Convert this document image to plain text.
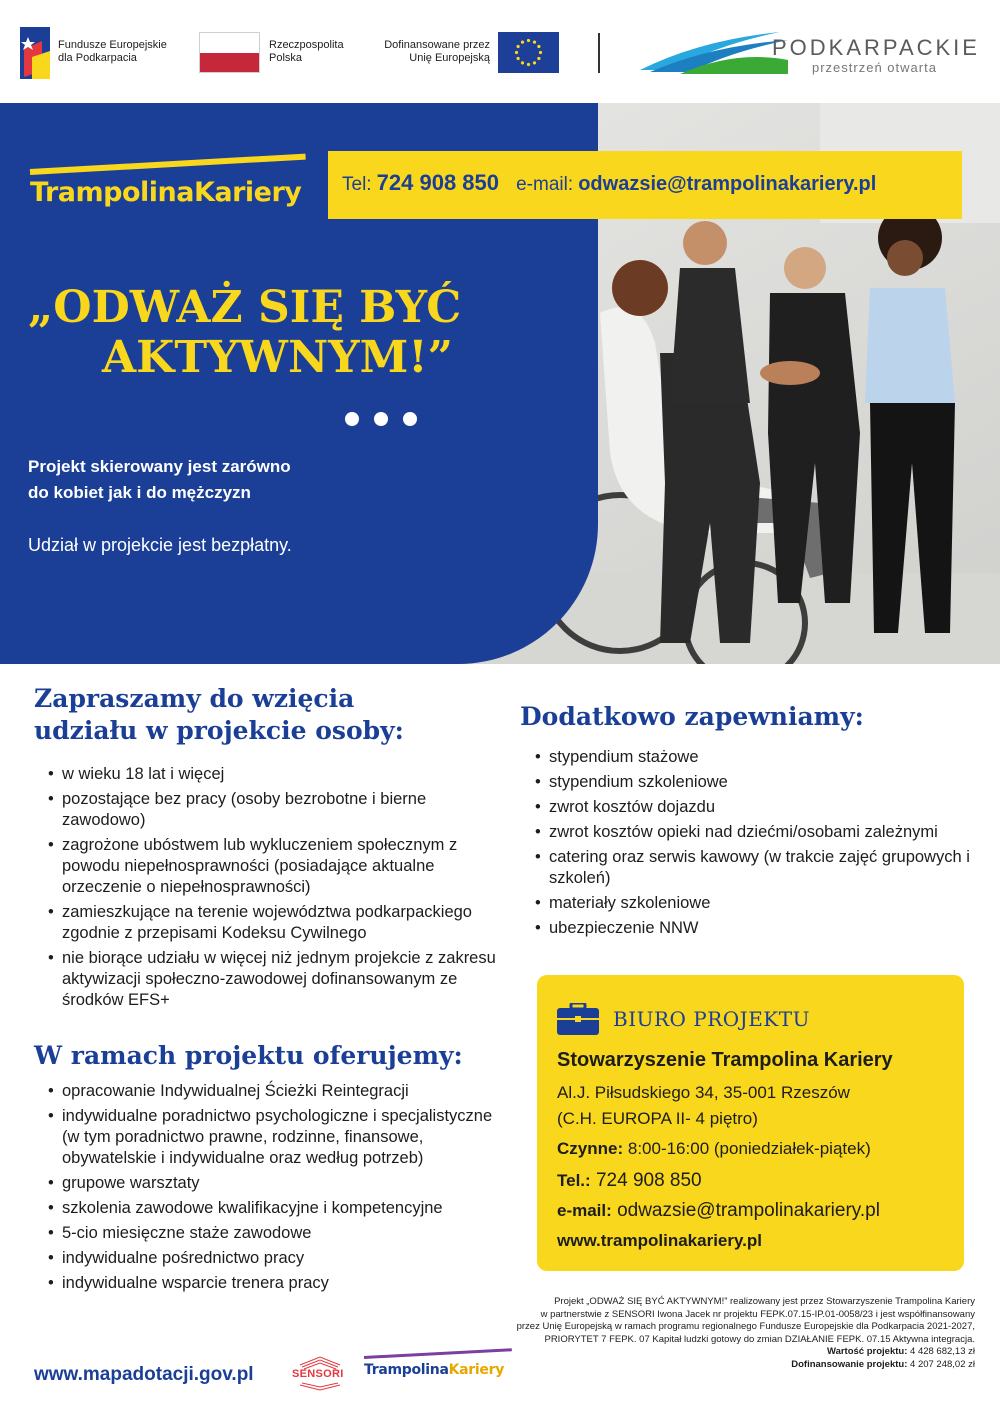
Fundusze Europejskie
dla Podkarpacia
Rzeczpospolita
Polska
Dofinansowane przez
Unię Europejską	PODKARPACKIE
przestrzeń otwarta
TrampolinaKariery	Tel: 724 908 850 e-mail: odwazsie@trampolinakariery.pl
„ODWAŻ SIĘ BYĆ
AKTYWNYM!”
Projekt skierowany jest zarówno
do kobiet jak i do mężczyzn
Udział w projekcie jest bezpłatny.
Zapraszamy do wzięcia
udziału w projekcie osoby:
• w wieku 18 lat i więcej
• pozostające bez pracy (osoby bezrobotne i bierne zawodowo)
• zagrożone ubóstwem lub wykluczeniem społecznym z powodu niepełnosprawności (posiadające aktualne orzeczenie o niepełnosprawności)
• zamieszkujące na terenie województwa podkarpackiego zgodnie z przepisami Kodeksu Cywilnego
• nie biorące udziału w więcej niż jednym projekcie z zakresu aktywizacji społeczno-zawodowej dofinansowanym ze środków EFS+
W ramach projektu oferujemy:
• opracowanie Indywidualnej Ścieżki Reintegracji
• indywidualne poradnictwo psychologiczne i specjalistyczne (w tym poradnictwo prawne, rodzinne, finansowe, obywatelskie i indywidualne oraz według potrzeb)
• grupowe warsztaty
• szkolenia zawodowe kwalifikacyjne i kompetencyjne
• 5-cio miesięczne staże zawodowe
• indywidualne pośrednictwo pracy
• indywidualne wsparcie trenera pracy
Dodatkowo zapewniamy:
• stypendium stażowe
• stypendium szkoleniowe
• zwrot kosztów dojazdu
• zwrot kosztów opieki nad dziećmi/osobami zależnymi
• catering oraz serwis kawowy (w trakcie zajęć grupowych i szkoleń)
• materiały szkoleniowe
• ubezpieczenie NNW
BIURO PROJEKTU
Stowarzyszenie Trampolina Kariery
Al.J. Piłsudskiego 34, 35-001 Rzeszów
(C.H. EUROPA II- 4 piętro)
Czynne: 8:00-16:00 (poniedziałek-piątek)
Tel.: 724 908 850
e-mail: odwazsie@trampolinakariery.pl
www.trampolinakariery.pl
Projekt „ODWAŻ SIĘ BYĆ AKTYWNYM!” realizowany jest przez Stowarzyszenie Trampolina Kariery
w partnerstwie z SENSORI Iwona Jacek nr projektu FEPK.07.15-IP.01-0058/23 i jest współfinansowany
przez Unię Europejską w ramach programu regionalnego Fundusze Europejskie dla Podkarpacia 2021-2027,
PRIORYTET 7 FEPK. 07 Kapitał ludzki gotowy do zmian DZIAŁANIE FEPK. 07.15 Aktywna integracja.
Wartość projektu: 4 428 682,13 zł
Dofinansowanie projektu: 4 207 248,02 zł
www.mapadotacji.gov.pl	SENSORI TrampolinaKariery
